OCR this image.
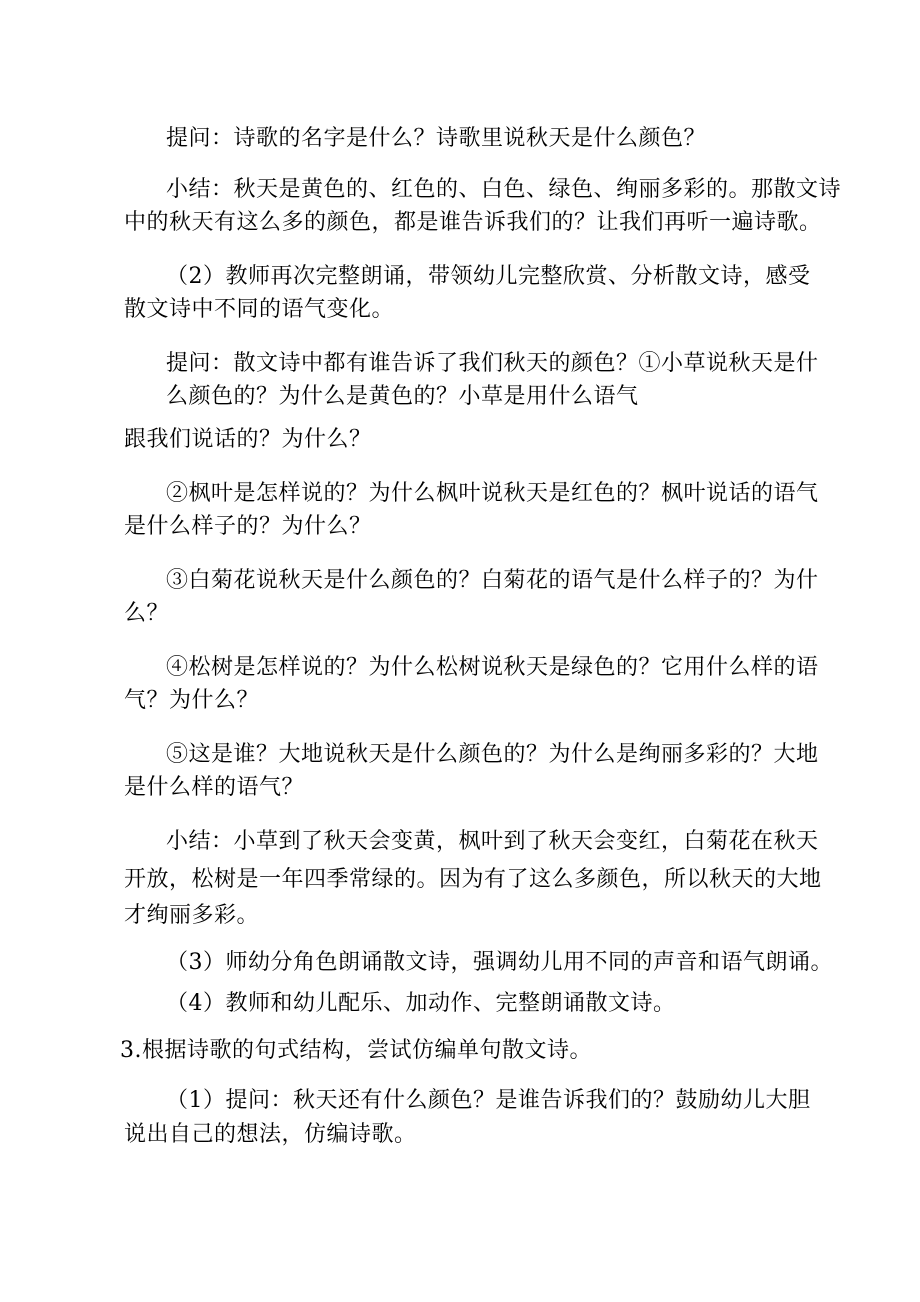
提问：诗歌的名字是什么？诗歌里说秋天是什么颜色？
小结：秋天是黄色的、红色的、白色、绿色、绚丽多彩的。那散文诗
中的秋天有这么多的颜色，都是谁告诉我们的？让我们再听一遍诗歌。
（2）教师再次完整朗诵，带领幼儿完整欣赏、分析散文诗，感受
散文诗中不同的语气变化。
提问：散文诗中都有谁告诉了我们秋天的颜色？①小草说秋天是什
么颜色的？为什么是黄色的？小草是用什么语气
跟我们说话的？为什么？
②枫叶是怎样说的？为什么枫叶说秋天是红色的？枫叶说话的语气
是什么样子的？为什么？
③白菊花说秋天是什么颜色的？白菊花的语气是什么样子的？为什
么？
④松树是怎样说的？为什么松树说秋天是绿色的？它用什么样的语
气？为什么？
⑤这是谁？大地说秋天是什么颜色的？为什么是绚丽多彩的？大地
是什么样的语气？
小结：小草到了秋天会变黄，枫叶到了秋天会变红，白菊花在秋天
开放，松树是一年四季常绿的。因为有了这么多颜色，所以秋天的大地
才绚丽多彩。
（3）师幼分角色朗诵散文诗，强调幼儿用不同的声音和语气朗诵。
（4）教师和幼儿配乐、加动作、完整朗诵散文诗。
3.根据诗歌的句式结构，尝试仿编单句散文诗。
（1）提问：秋天还有什么颜色？是谁告诉我们的？鼓励幼儿大胆
说出自己的想法，仿编诗歌。
